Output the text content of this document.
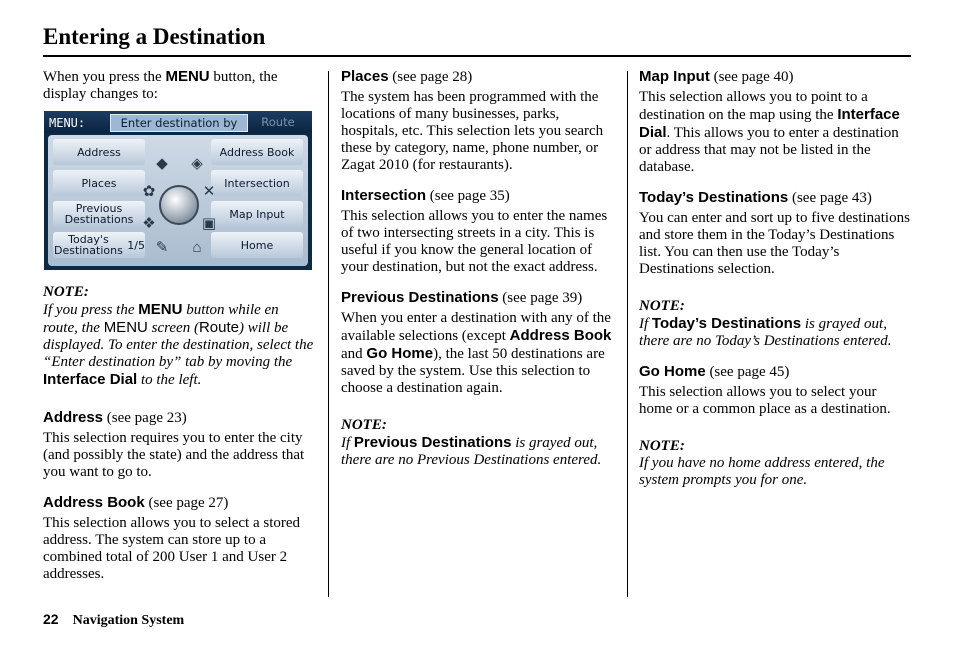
Entering a Destination

When you press the MENU button, the display changes to:

MENU:	Enter destination by	Route
Address
Places
Previous Destinations
Today's Destinations
1/5
Address Book
Intersection
Map Input
Home
◆	◈
✿	✕
❖	▣
✎	⌂

NOTE:

If you press the MENU button while en route, the MENU screen (Route) will be displayed. To enter the destination, select the “Enter destination by” tab by moving the Interface Dial to the left.

Address (see page 23)

This selection requires you to enter the city (and possibly the state) and the address that you want to go to.

Address Book (see page 27)

This selection allows you to select a stored address. The system can store up to a combined total of 200 User 1 and User 2 addresses.

Places (see page 28)

The system has been programmed with the locations of many businesses, parks, hospitals, etc. This selection lets you search these by category, name, phone number, or Zagat 2010 (for restaurants).

Intersection (see page 35)

This selection allows you to enter the names of two intersecting streets in a city. This is useful if you know the general location of your destination, but not the exact address.

Previous Destinations (see page 39)

When you enter a destination with any of the available selections (except Address Book and Go Home), the last 50 destinations are saved by the system. Use this selection to choose a destination again.

NOTE:

If Previous Destinations is grayed out, there are no Previous Destinations entered.

Map Input (see page 40)

This selection allows you to point to a destination on the map using the Interface Dial. This allows you to enter a destination or address that may not be listed in the database.

Today’s Destinations (see page 43)

You can enter and sort up to five destinations and store them in the Today’s Destinations list. You can then use the Today’s Destinations selection.

NOTE:

If Today’s Destinations is grayed out, there are no Today’s Destinations entered.

Go Home (see page 45)

This selection allows you to select your home or a common place as a destination.

NOTE:

If you have no home address entered, the system prompts you for one.

22 Navigation System
